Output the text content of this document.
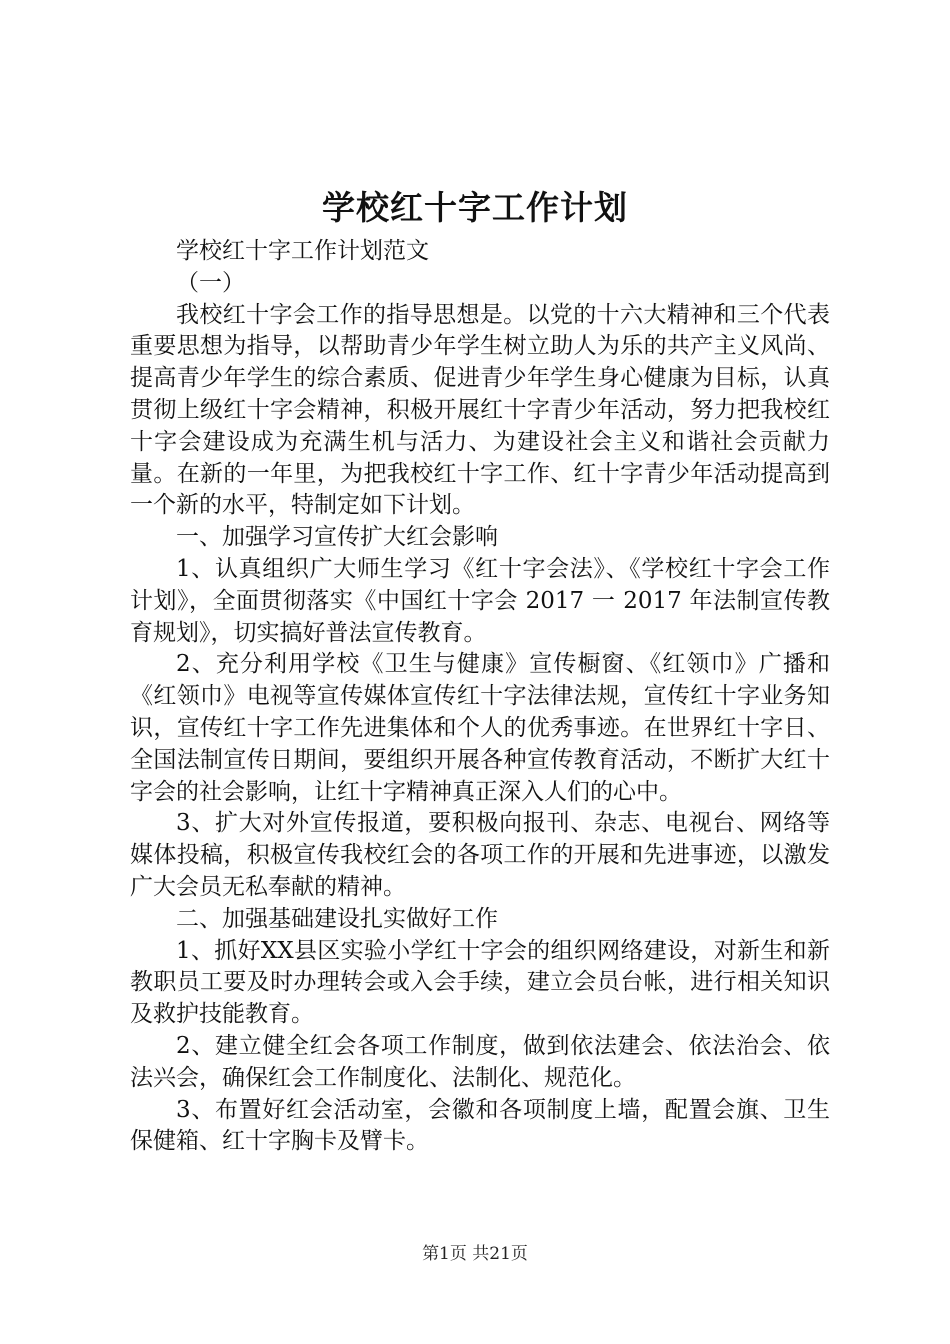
学校红十字工作计划

学校红十字工作计划范文

（一）

我校红十字会工作的指导思想是。以党的十六大精神和三个代表重要思想为指导，以帮助青少年学生树立助人为乐的共产主义风尚、提高青少年学生的综合素质、促进青少年学生身心健康为目标，认真贯彻上级红十字会精神，积极开展红十字青少年活动，努力把我校红十字会建设成为充满生机与活力、为建设社会主义和谐社会贡献力量。在新的一年里，为把我校红十字工作、红十字青少年活动提高到一个新的水平，特制定如下计划。

一、加强学习宣传扩大红会影响

1、认真组织广大师生学习《红十字会法》、《学校红十字会工作计划》，全面贯彻落实《中国红十字会 2017 一 2017 年法制宣传教育规划》，切实搞好普法宣传教育。

2、充分利用学校《卫生与健康》宣传橱窗、《红领巾》广播和《红领巾》电视等宣传媒体宣传红十字法律法规，宣传红十字业务知识，宣传红十字工作先进集体和个人的优秀事迹。在世界红十字日、全国法制宣传日期间，要组织开展各种宣传教育活动，不断扩大红十字会的社会影响，让红十字精神真正深入人们的心中。

3、扩大对外宣传报道，要积极向报刊、杂志、电视台、网络等媒体投稿，积极宣传我校红会的各项工作的开展和先进事迹，以激发广大会员无私奉献的精神。

二、加强基础建设扎实做好工作

1、抓好XX县区实验小学红十字会的组织网络建设，对新生和新教职员工要及时办理转会或入会手续，建立会员台帐，进行相关知识及救护技能教育。

2、建立健全红会各项工作制度，做到依法建会、依法治会、依法兴会，确保红会工作制度化、法制化、规范化。

3、布置好红会活动室，会徽和各项制度上墙，配置会旗、卫生保健箱、红十字胸卡及臂卡。

第1页 共21页
